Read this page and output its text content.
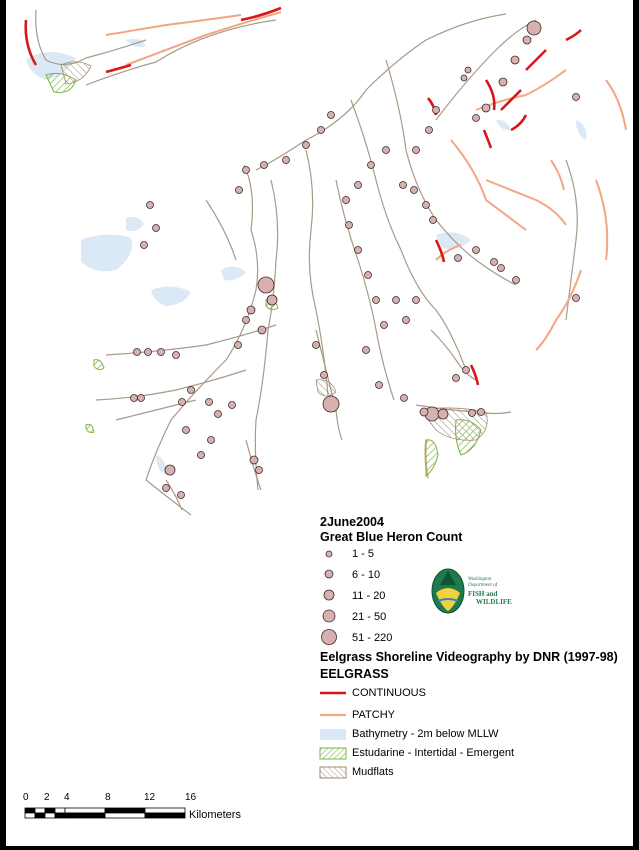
2June2004
Great Blue Heron Count
1 - 5
6 - 10
11 - 20
21 - 50
51 - 220
Washington
Department of
FISH and
WILDLIFE
Eelgrass Shoreline Videography by DNR (1997-98)
EELGRASS
CONTINUOUS
PATCHY
Bathymetry - 2m below MLLW
Estudarine - Intertidal - Emergent
Mudflats
0 2 4	8	12	16
Kilometers
